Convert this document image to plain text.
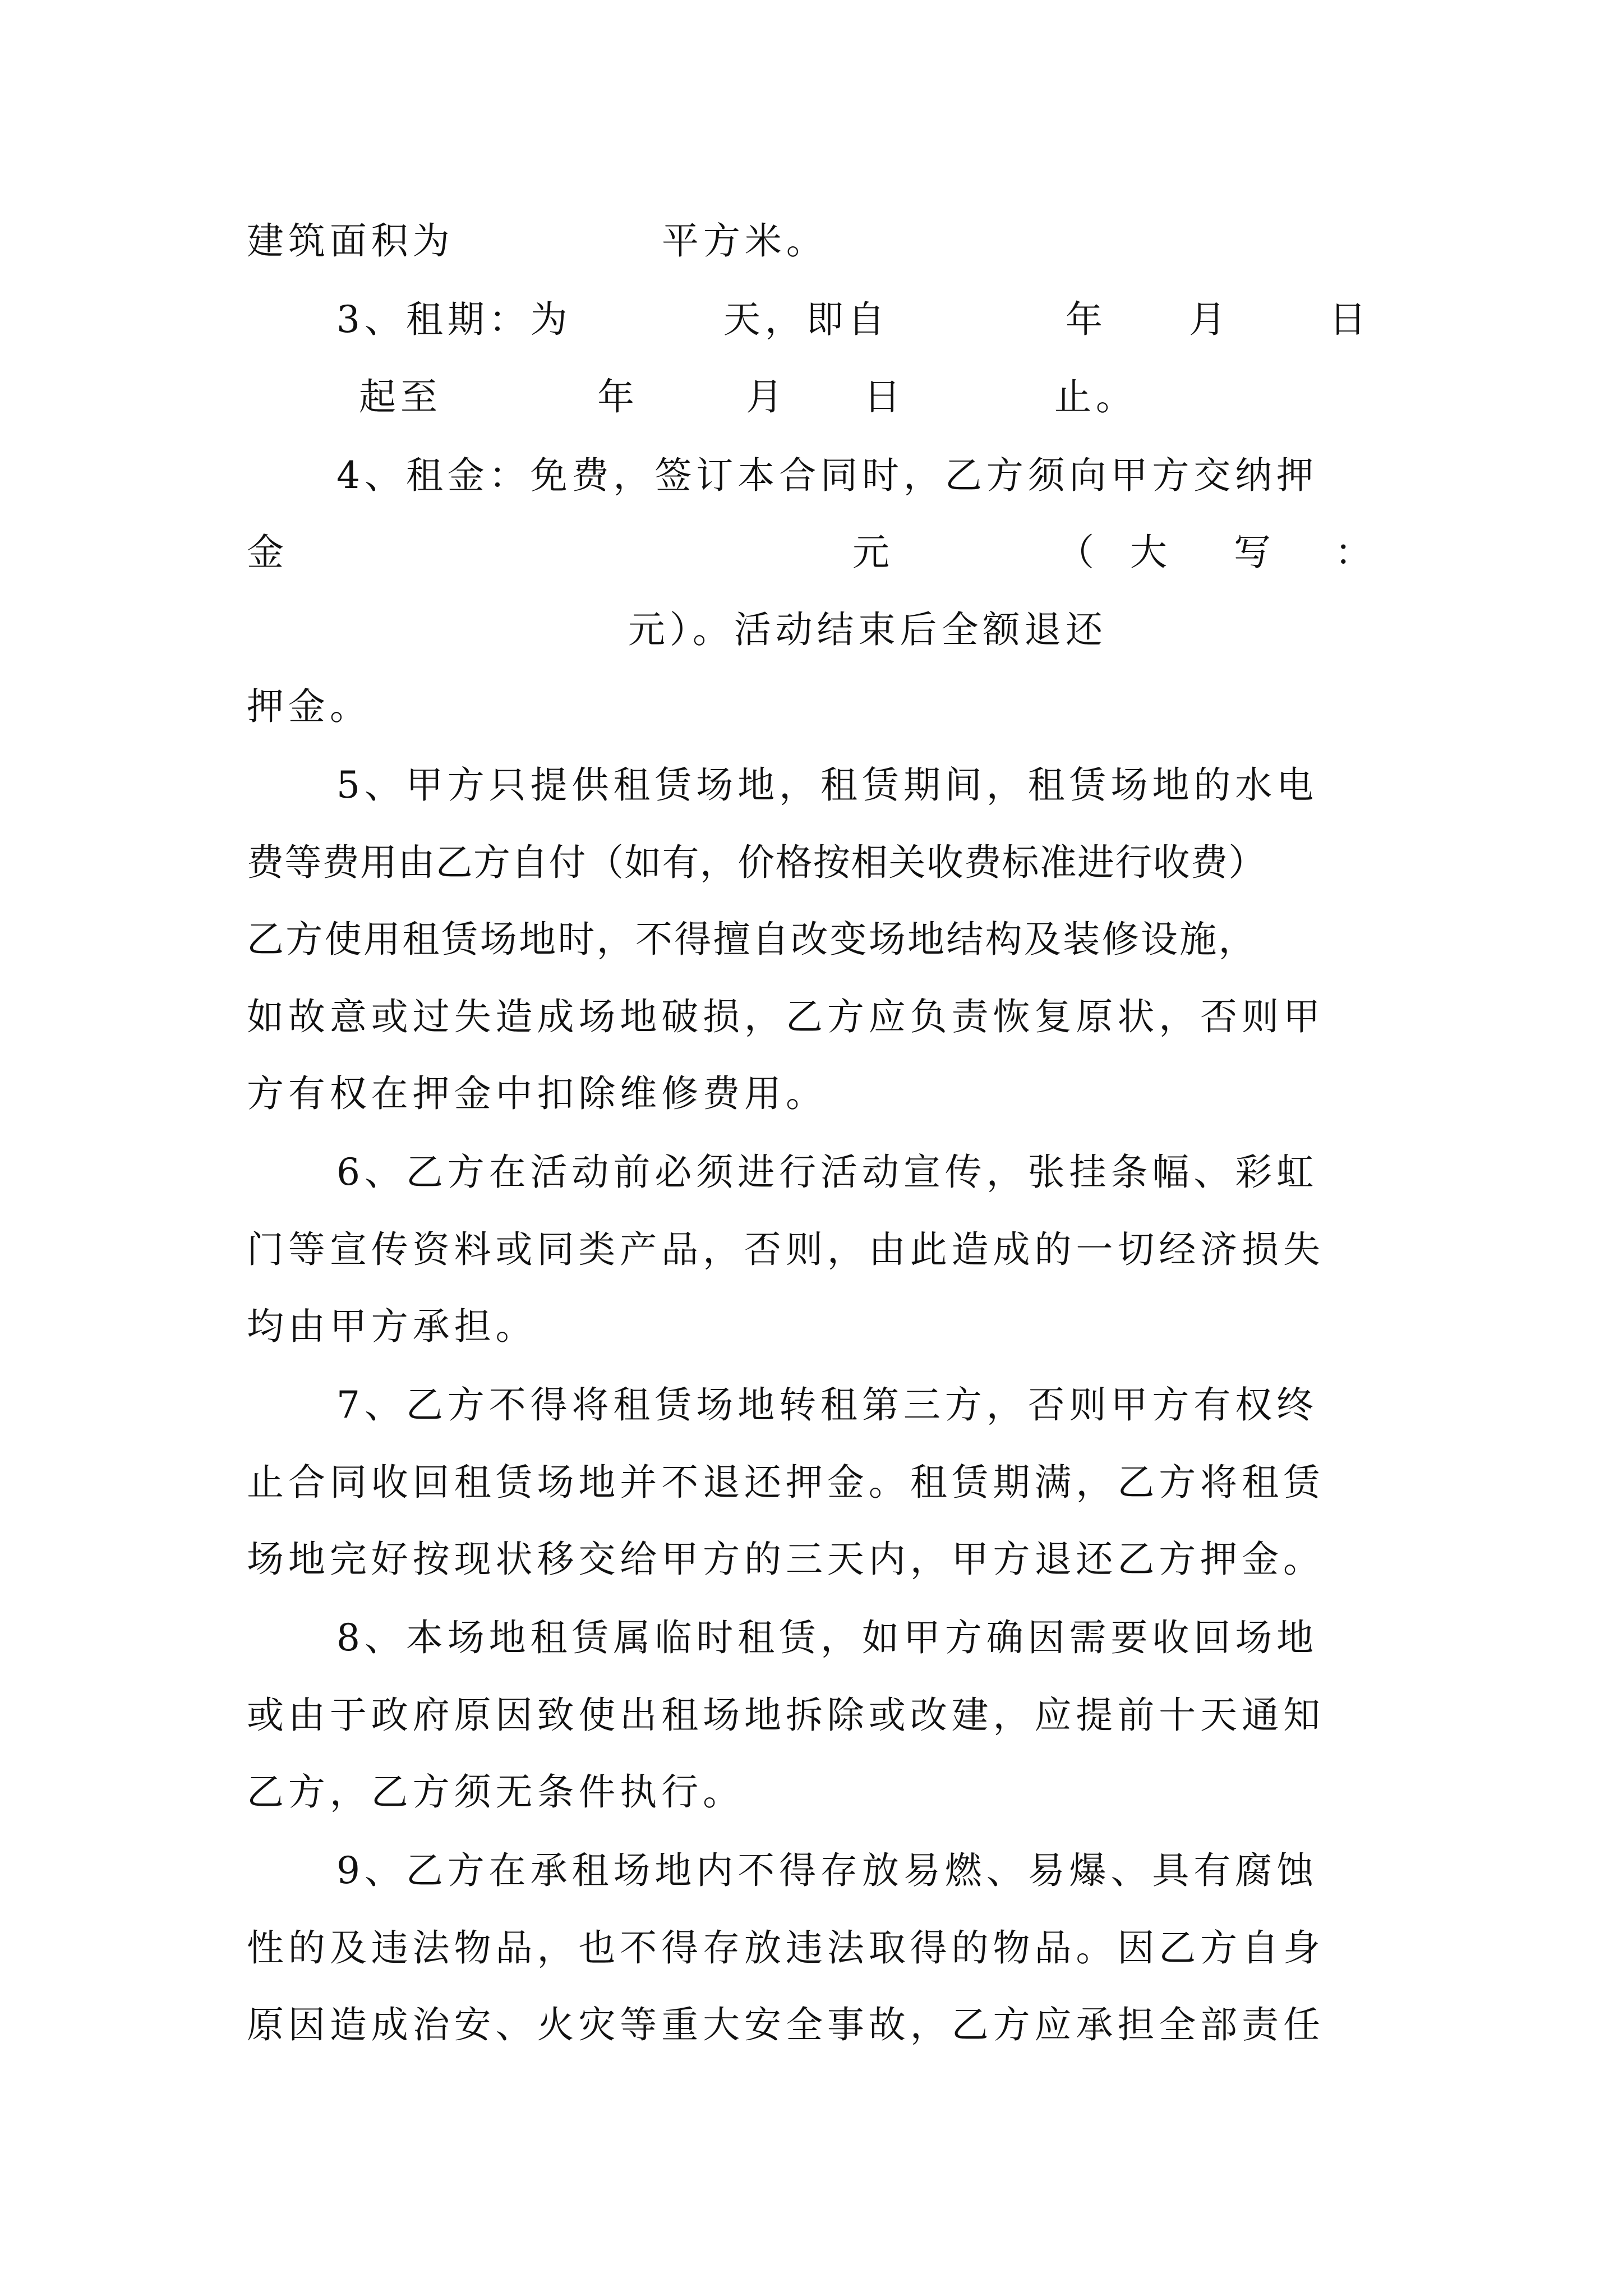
建筑面积为

	平方米。

3、租期：为

	天，即自

	年

月

	日

起至

	年

	月

日

	止。

4、租金：免费，签订本合同时，乙方须向甲方交纳押

金

	元

	（

大

写

：

元）。活动结束后全额退还
押金。
5、甲方只提供租赁场地，租赁期间，租赁场地的水电
费等费用由乙方自付（如有，价格按相关收费标准进行收费）
乙方使用租赁场地时，不得擅自改变场地结构及装修设施，
如故意或过失造成场地破损，乙方应负责恢复原状，否则甲
方有权在押金中扣除维修费用。
6、乙方在活动前必须进行活动宣传，张挂条幅、彩虹
门等宣传资料或同类产品，否则，由此造成的一切经济损失
均由甲方承担。
7、乙方不得将租赁场地转租第三方，否则甲方有权终
止合同收回租赁场地并不退还押金。租赁期满，乙方将租赁
场地完好按现状移交给甲方的三天内，甲方退还乙方押金。
8、本场地租赁属临时租赁，如甲方确因需要收回场地
或由于政府原因致使出租场地拆除或改建，应提前十天通知
乙方，乙方须无条件执行。
9、乙方在承租场地内不得存放易燃、易爆、具有腐蚀
性的及违法物品，也不得存放违法取得的物品。因乙方自身
原因造成治安、火灾等重大安全事故，乙方应承担全部责任
